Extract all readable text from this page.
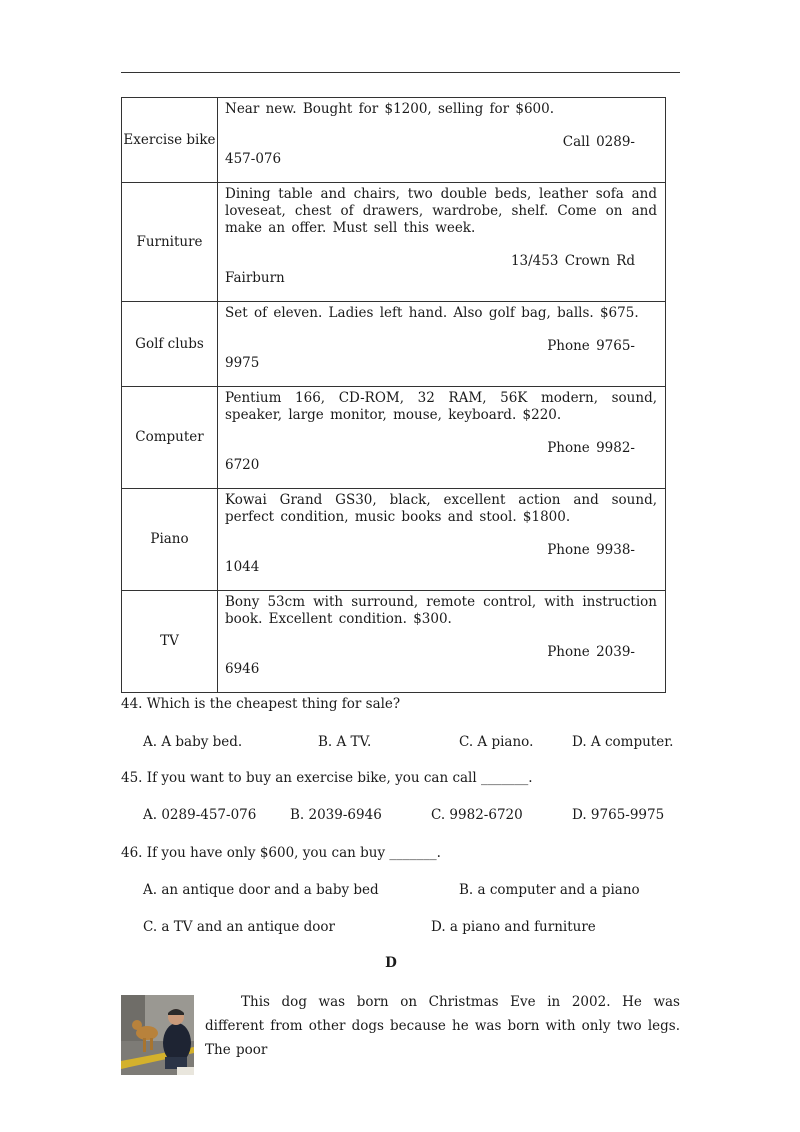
Exercise bike	Near new. Bought for $1200, selling for $600.
Call 0289-
457-076

Furniture	Dining table and chairs, two double beds, leather sofa and loveseat, chest of drawers, wardrobe, shelf. Come on and make an offer. Must sell this week.
13/453 Crown Rd
Fairburn

Golf clubs	Set of eleven. Ladies left hand. Also golf bag, balls. $675.
Phone 9765-
9975

Computer	Pentium 166, CD-ROM, 32 RAM, 56K modern, sound, speaker, large monitor, mouse, keyboard. $220.
Phone 9982-
6720

Piano	Kowai Grand GS30, black, excellent action and sound, perfect condition, music books and stool. $1800.
Phone 9938-
1044

TV	Bony 53cm with surround, remote control, with instruction book. Excellent condition. $300.
Phone 2039-
6946
44. Which is the cheapest thing for sale?
A. A baby bed.	B. A TV.	C. A piano.	D. A computer.
45. If you want to buy an exercise bike, you can call _______.
A. 0289-457-076 B. 2039-6946	C. 9982-6720	D. 9765-9975
46. If you have only $600, you can buy _______.
A. an antique door and a baby bed	B. a computer and a piano
C. a TV and an antique door	D. a piano and furniture
D
This dog was born on Christmas Eve in 2002. He was different from other dogs because he was born with only two legs. The poor
